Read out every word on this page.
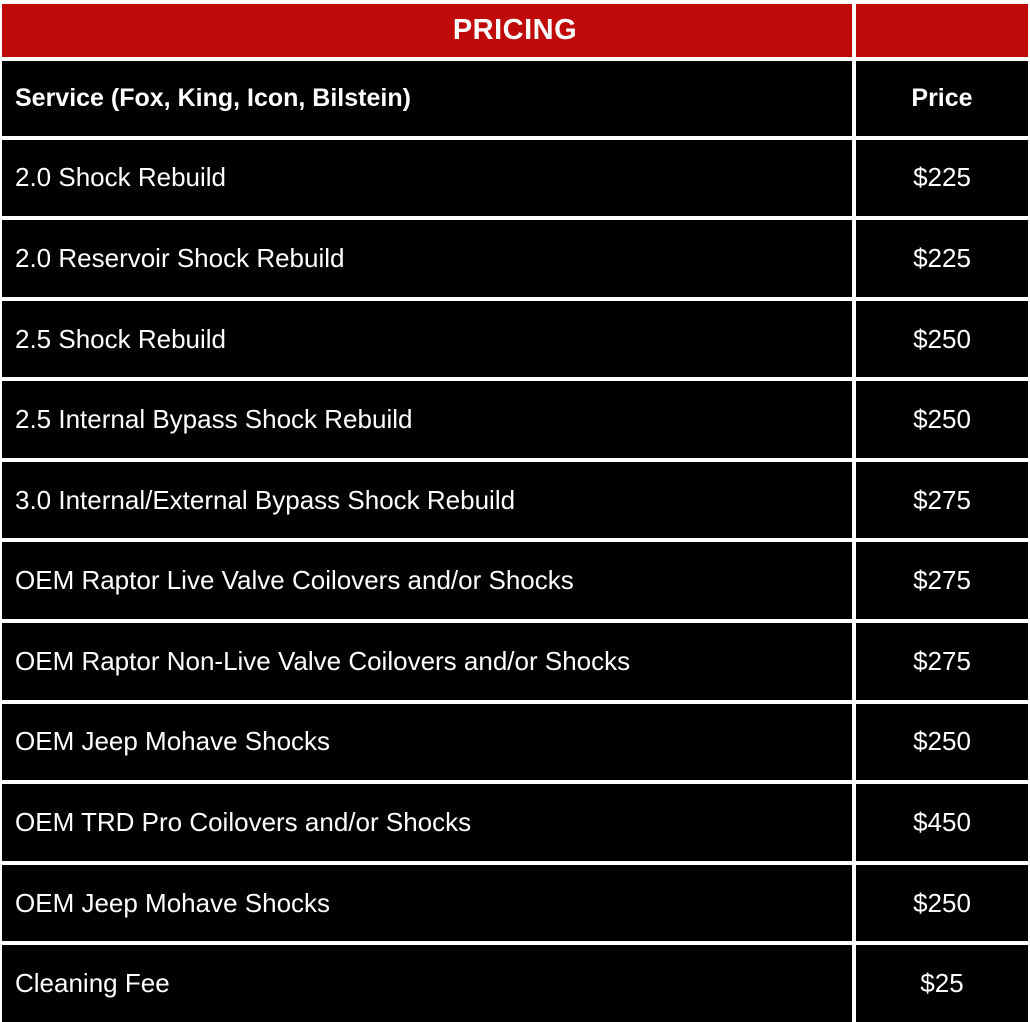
PRICING
Service (Fox, King, Icon, Bilstein)	Price
2.0 Shock Rebuild	$225
2.0 Reservoir Shock Rebuild	$225
2.5 Shock Rebuild	$250
2.5 Internal Bypass Shock Rebuild	$250
3.0 Internal/External Bypass Shock Rebuild	$275
OEM Raptor Live Valve Coilovers and/or Shocks	$275
OEM Raptor Non-Live Valve Coilovers and/or Shocks	$275
OEM Jeep Mohave Shocks	$250
OEM TRD Pro Coilovers and/or Shocks	$450
OEM Jeep Mohave Shocks	$250
Cleaning Fee	$25
